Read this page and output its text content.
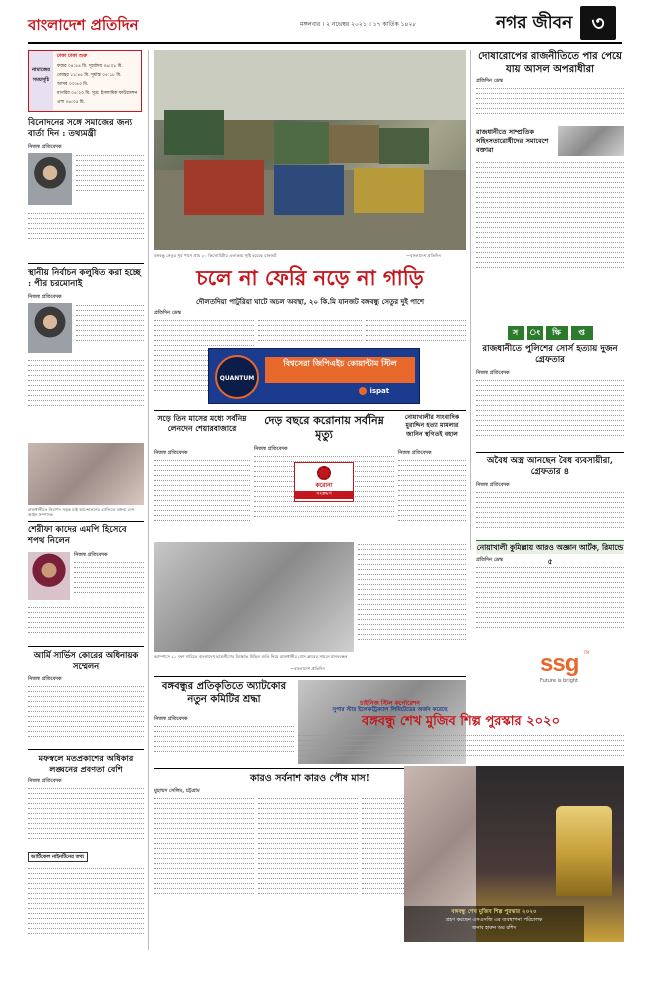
বাংলাদেশ প্রতিদিন	মঙ্গলবার । ২ নভেম্বর ২০২১ । ১৭ কার্তিক ১৪২৮	নগর জীবন ৩
নামাজের
সময়সূচি
ঢাকা ঢাকা শুরু
ফজর ০৪:৫৪ মি. সূর্যোদয় ০৬:০৮ মি.
জোহর ১১:৪৫ মি. সূর্যাস্ত ০৫:১৮ মি.
আসর ০৩:৪৩ মি.
মাগরিব ০৫:২০ মি. সূত্র: ইসলামিক ফাউন্ডেশন
এশা ০৬:৩৫ মি.
বিনোদনের সঙ্গে সমাজের জন্য বার্তা দিন : তথ্যমন্ত্রী
নিজস্ব প্রতিবেদক
স্থানীয় নির্বাচন কলুষিত করা হচ্ছে : পীর চরমোনাই
নিজস্ব প্রতিবেদক
রাজধানীতে নিরাপদ সড়ক চাই আন্দোলনের র‍্যালিতে বক্তব্য দেন আইন সম্পাদক
শেরীফা কাদের এমপি হিসেবে শপথ নিলেন
নিজস্ব প্রতিবেদক
আর্মি সার্ভিস কোরের অধিনায়ক সম্মেলন
নিজস্ব প্রতিবেদক
মফস্বলে মতপ্রকাশের অধিকার লঙ্ঘনের প্রবণতা বেশি
নিজস্ব প্রতিবেদক
আর্টিকেল নাইনটিনের তথ্য
বঙ্গবন্ধু সেতুর পূর্ব পাশে প্রায় ২০ কিলোমিটার এলাকায় সৃষ্টি হয়েছে যানজট	—বাংলাদেশ প্রতিদিন
চলে না ফেরি নড়ে না গাড়ি
দৌলতদিয়া পাটুরিয়া ঘাটে অচল অবস্থা, ২০ কি.মি যানজট বঙ্গবন্ধু সেতুর দুই পাশে
প্রতিদিন ডেস্ক
QUANTUM
বিশ্বসেরা জিপিএইচ কোয়ান্টাম স্টিল
ispat
সড়ে তিন মাসের মধ্যে সর্বনিম্ন লেনদেন শেয়ারবাজারে
নিজস্ব প্রতিবেদক
দেড় বছরে করোনায় সর্বনিম্ন মৃত্যু
নিজস্ব প্রতিবেদক
করোনা
সংক্রমণ
নোয়াখালীর সাংবাদিক মুরাদ্দিন হত্যা মামলার জানিন স্থগিতই বহাল
নিজস্ব প্রতিবেদক
ক্যাম্পাসে ২১ দফা দাবিতে বাংলাদেশ ছাত্রলীগের বিক্ষোভ মিছিল গুলি নিয়ে রাজধানীর প্রেস ক্লাবের সামনে মানববন্ধন
—বাংলাদেশ প্রতিদিন
বঙ্গবন্ধুর প্রতিকৃতিতে অ্যাটকোর নতুন কমিটির শ্রদ্ধা
নিজস্ব প্রতিবেদক
কারও সর্বনাশ কারও পৌষ মাস!
মুহাম্মদ সেলিম, চট্টগ্রাম
দোষারোপের রাজনীতিতে পার পেয়ে যায় আসল অপরাধীরা
প্রতিদিন ডেস্ক
রাজধানীতে সাম্প্রতিক সহিংসতারোধীদের সমাবেশে বক্তারা
স	ং	ক্ষি	প্ত
রাজধানীতে পুলিশের সোর্স হত্যায় দুজন গ্রেফতার
নিজস্ব প্রতিবেদক
অবৈধ অস্ত্র আনছেন বৈধ ব্যবসায়ীরা, গ্রেফতার ৪
নিজস্ব প্রতিবেদক
নোয়াখালী কুমিল্লায় আরও অজ্ঞান আর্টক, রিমান্ডে ৫
প্রতিদিন ডেস্ক
ssg ™
Future is bright
চাইনিজ স্টিল কর্পোরেশন
সুপার স্টার ইলেকট্রিক্যাল লিমিটেডের অর্জন করেছে
বঙ্গবন্ধু শেখ মুজিব শিল্প পুরস্কার ২০২০
বঙ্গবন্ধু শেখ মুজিব শিল্প পুরস্কার ২০২০
গ্রহণ করছেন এসএসজি এর ব্যবস্থাপনা পরিচালক
জনাব হারুন অর রশিদ
